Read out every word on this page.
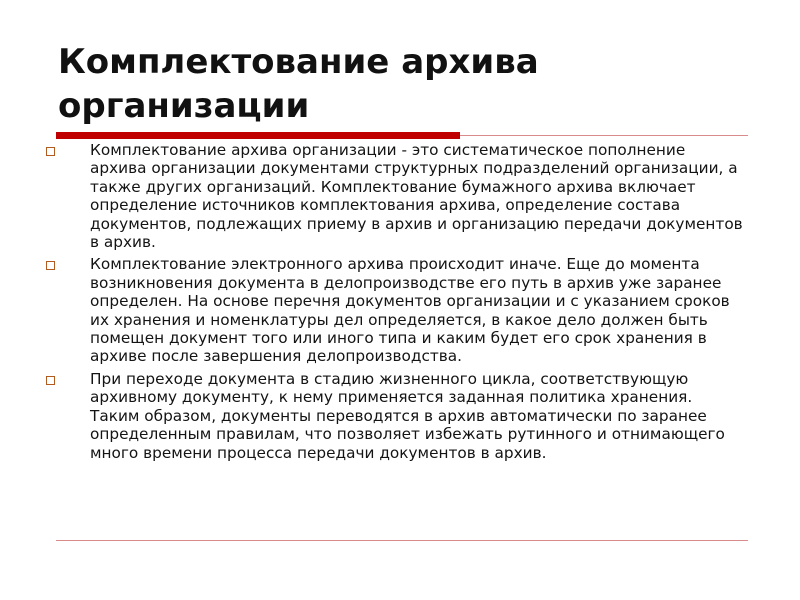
Комплектование архива
организации
Комплектование архива организации - это систематическое пополнение архива организации документами структурных подразделений организации, а также других организаций. Комплектование бумажного архива включает определение источников комплектования архива, определение состава документов, подлежащих приему в архив и организацию передачи документов в архив.
Комплектование электронного архива происходит иначе. Еще до момента возникновения документа в делопроизводстве его путь в архив уже заранее определен. На основе перечня документов организации и с указанием сроков их хранения и номенклатуры дел определяется, в какое дело должен быть помещен документ того или иного типа и каким будет его срок хранения в архиве после завершения делопроизводства.
При переходе документа в стадию жизненного цикла, соответствующую архивному документу, к нему применяется заданная политика хранения. Таким образом, документы переводятся в архив автоматически по заранее определенным правилам, что позволяет избежать рутинного и отнимающего много времени процесса передачи документов в архив.
